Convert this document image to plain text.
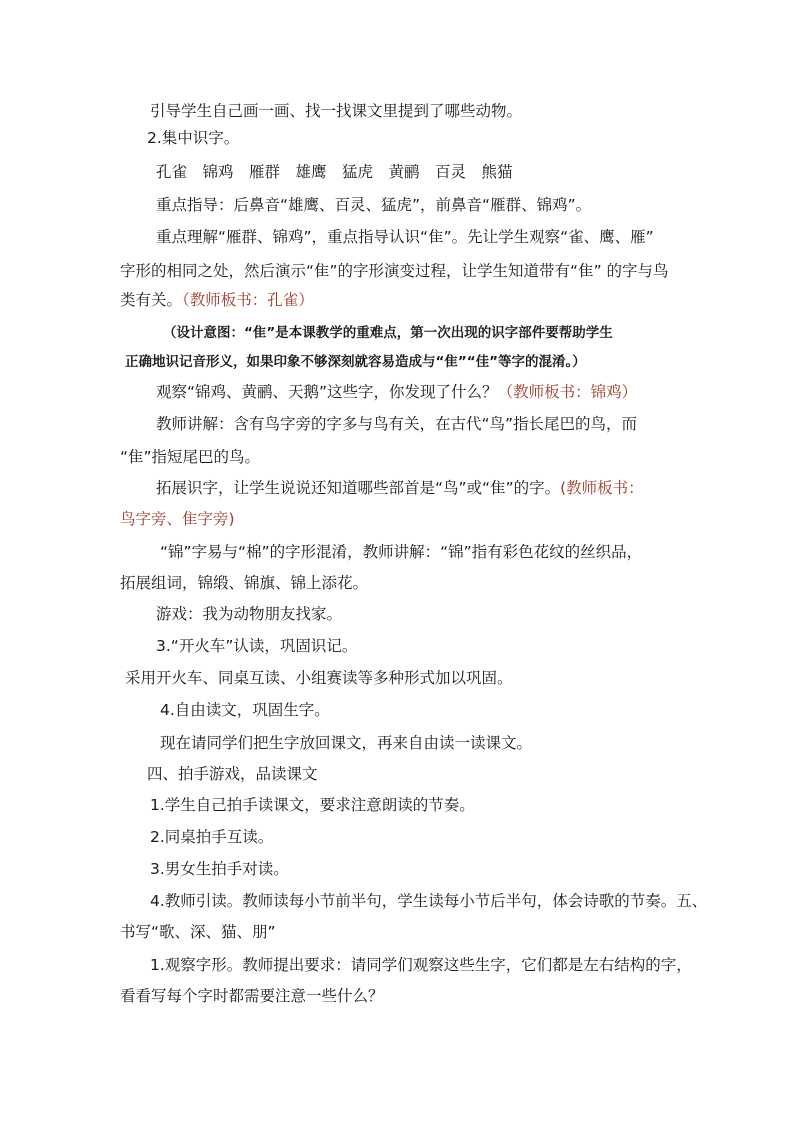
引导学生自己画一画、找一找课文里提到了哪些动物。
2.集中识字。
孔雀　锦鸡　雁群　雄鹰　猛虎　黄鹂　百灵　熊猫
重点指导：后鼻音“雄鹰、百灵、猛虎”，前鼻音“雁群、锦鸡”。
重点理解“雁群、锦鸡”，重点指导认识“隹”。先让学生观察“雀、鹰、雁”
字形的相同之处，然后演示“隹”的字形演变过程，让学生知道带有“隹” 的字与鸟
类有关。（教师板书：孔雀）
（设计意图：“隹”是本课教学的重难点，第一次出现的识字部件要帮助学生
正确地识记音形义，如果印象不够深刻就容易造成与“隹”“佳”等字的混淆。）
观察“锦鸡、黄鹂、天鹅”这些字，你发现了什么？（教师板书：锦鸡）
教师讲解：含有鸟字旁的字多与鸟有关，在古代“鸟”指长尾巴的鸟，而
“隹”指短尾巴的鸟。
拓展识字，让学生说说还知道哪些部首是“鸟”或“隹”的字。(教师板书：
鸟字旁、隹字旁)
“锦”字易与“棉”的字形混淆，教师讲解：“锦”指有彩色花纹的丝织品，
拓展组词，锦缎、锦旗、锦上添花。
游戏：我为动物朋友找家。
3.“开火车”认读，巩固识记。
采用开火车、同桌互读、小组赛读等多种形式加以巩固。
4.自由读文，巩固生字。
现在请同学们把生字放回课文，再来自由读一读课文。
四、拍手游戏，品读课文
1.学生自己拍手读课文，要求注意朗读的节奏。
2.同桌拍手互读。
3.男女生拍手对读。
4.教师引读。教师读每小节前半句，学生读每小节后半句，体会诗歌的节奏。五、
书写“歌、深、猫、朋”
1.观察字形。教师提出要求：请同学们观察这些生字，它们都是左右结构的字，
看看写每个字时都需要注意一些什么？
